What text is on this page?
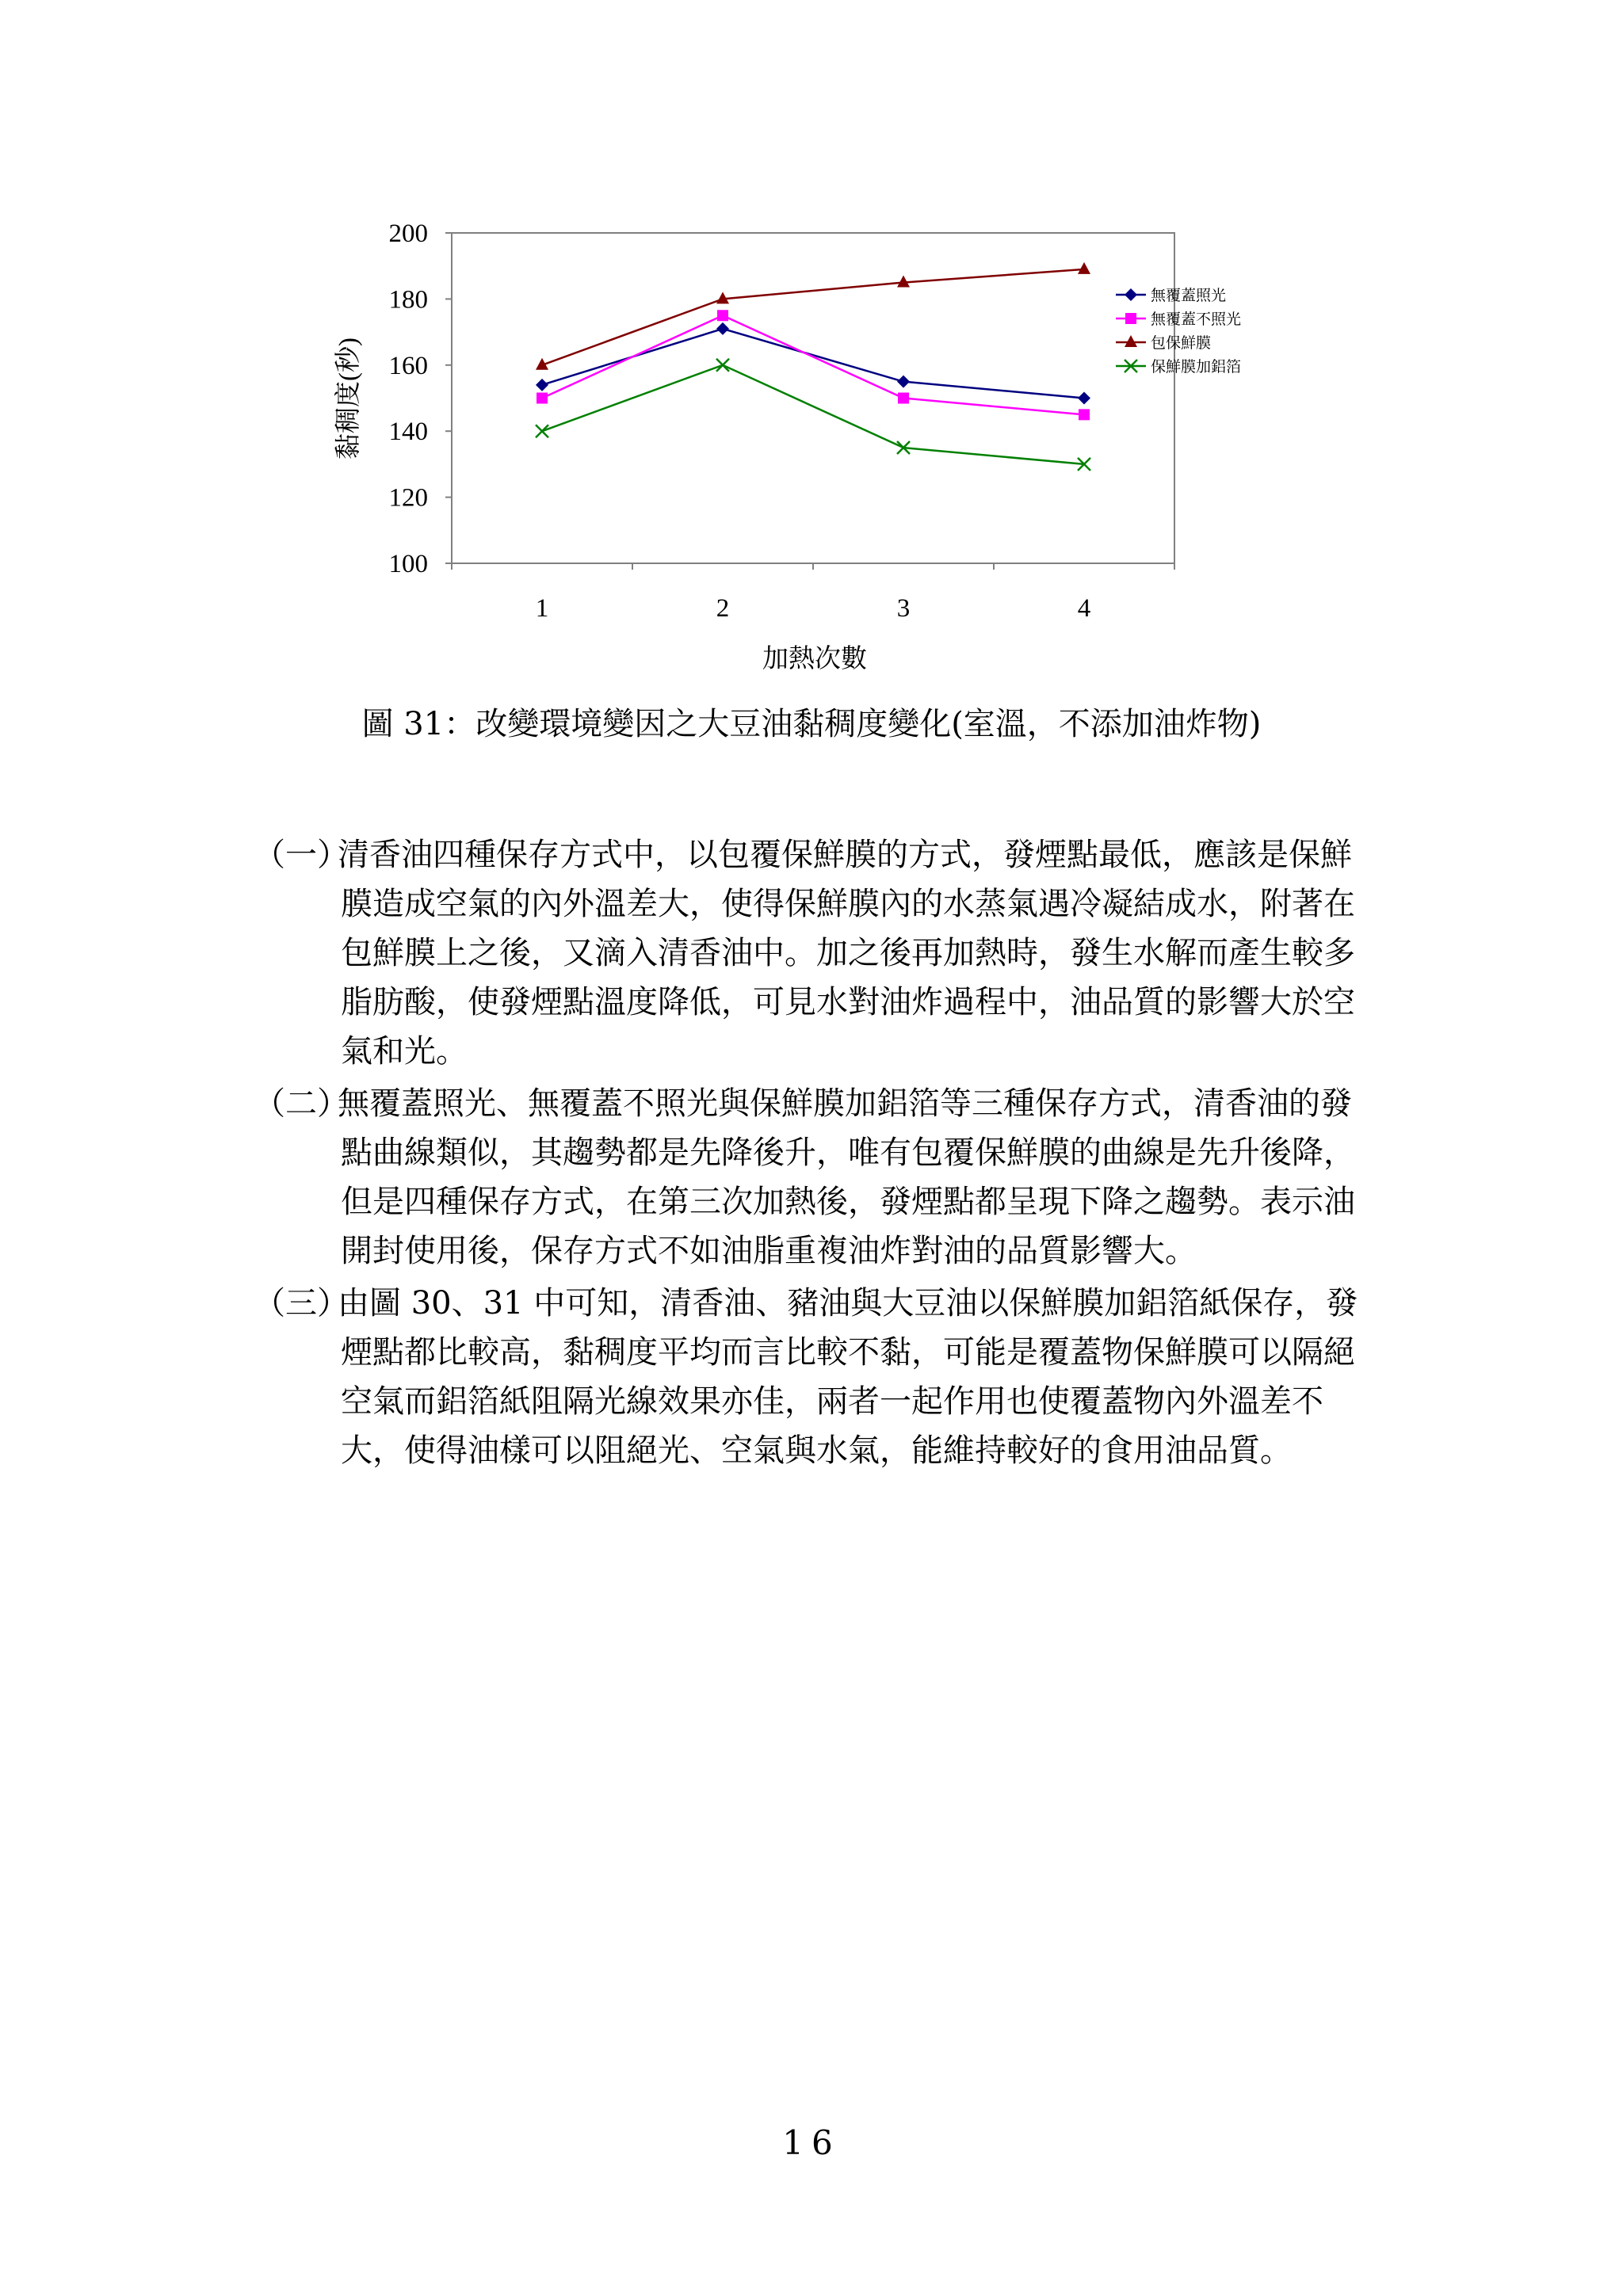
100
120
140
160
180
200
1	2	3	4
無覆蓋照光
無覆蓋不照光
包保鮮膜
保鮮膜加鋁箔
加熱次數
黏稠度(秒)
圖 31：改變環境變因之大豆油黏稠度變化(室溫，不添加油炸物)
（一）
清香油四種保存方式中，以包覆保鮮膜的方式，發煙點最低，應該是保鮮
膜造成空氣的內外溫差大，使得保鮮膜內的水蒸氣遇冷凝結成水，附著在
包鮮膜上之後，又滴入清香油中。加之後再加熱時，發生水解而產生較多
脂肪酸，使發煙點溫度降低，可見水對油炸過程中，油品質的影響大於空
氣和光。
（二）
無覆蓋照光、無覆蓋不照光與保鮮膜加鋁箔等三種保存方式，清香油的發
點曲線類似，其趨勢都是先降後升，唯有包覆保鮮膜的曲線是先升後降，
但是四種保存方式，在第三次加熱後，發煙點都呈現下降之趨勢。表示油
開封使用後，保存方式不如油脂重複油炸對油的品質影響大。
（三）
由圖 30、31 中可知，清香油、豬油與大豆油以保鮮膜加鋁箔紙保存，發
煙點都比較高，黏稠度平均而言比較不黏，可能是覆蓋物保鮮膜可以隔絕
空氣而鋁箔紙阻隔光線效果亦佳，兩者一起作用也使覆蓋物內外溫差不
大，使得油樣可以阻絕光、空氣與水氣，能維持較好的食用油品質。
16
